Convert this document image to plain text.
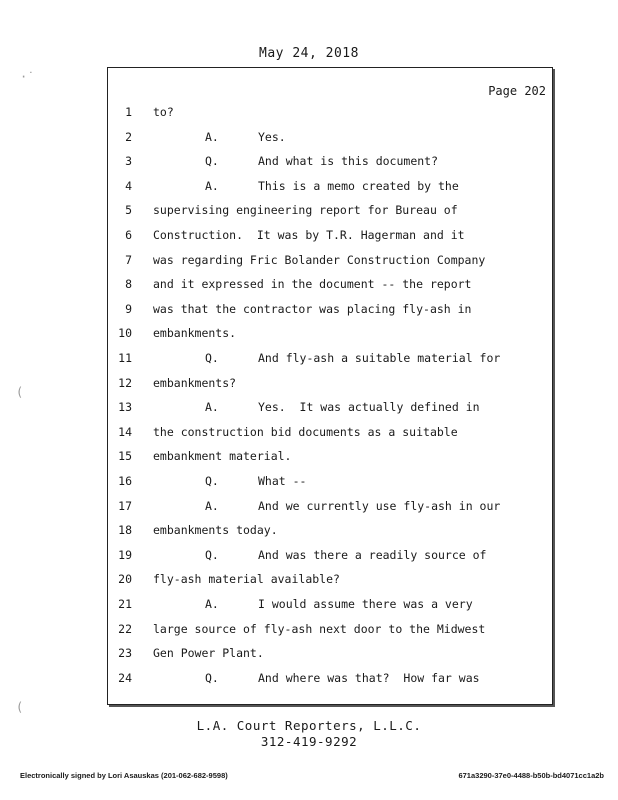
May 24, 2018
Page 202
1 to?
2	A.	Yes.
3	Q.	And what is this document?
4	A.	This is a memo created by the
5 supervising engineering report for Bureau of
6 Construction.  It was by T.R. Hagerman and it
7 was regarding Fric Bolander Construction Company
8 and it expressed in the document -- the report
9 was that the contractor was placing fly-ash in
10 embankments.
11	Q.	And fly-ash a suitable material for
12 embankments?
13	A.	Yes.  It was actually defined in
14 the construction bid documents as a suitable
15 embankment material.
16	Q.	What --
17	A.	And we currently use fly-ash in our
18 embankments today.
19	Q.	And was there a readily source of
20 fly-ash material available?
21	A.	I would assume there was a very
22 large source of fly-ash next door to the Midwest
23 Gen Power Plant.
24	Q.	And where was that?  How far was
L.A. Court Reporters, L.L.C.
312-419-9292
Electronically signed by Lori Asauskas (201-062-682-9598)	671a3290-37e0-4488-b50b-bd4071cc1a2b
·̇
(
(
